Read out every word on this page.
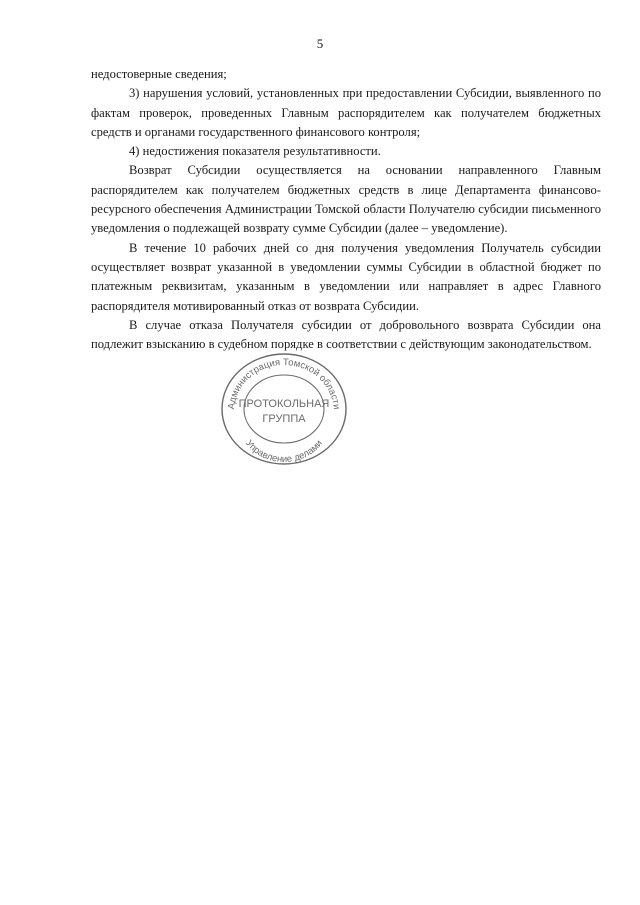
5

недостоверные сведения;

3) нарушения условий, установленных при предоставлении Субсидии, выявленного по фактам проверок, проведенных Главным распорядителем как получателем бюджетных средств и органами государственного финансового контроля;

4) недостижения показателя результативности.

Возврат Субсидии осуществляется на основании направленного Главным распорядителем как получателем бюджетных средств в лице Департамента финансово-ресурсного обеспечения Администрации Томской области Получателю субсидии письменного уведомления о подлежащей возврату сумме Субсидии (далее – уведомление).

В течение 10 рабочих дней со дня получения уведомления Получатель субсидии осуществляет возврат указанной в уведомлении суммы Субсидии в областной бюджет по платежным реквизитам, указанным в уведомлении или направляет в адрес Главного распорядителя мотивированный отказ от возврата Субсидии.

В случае отказа Получателя субсидии от добровольного возврата Субсидии она подлежит взысканию в судебном порядке в соответствии с действующим законодательством.

Администрация Томской области
Управление делами
ПРОТОКОЛЬНАЯ
ГРУППА
